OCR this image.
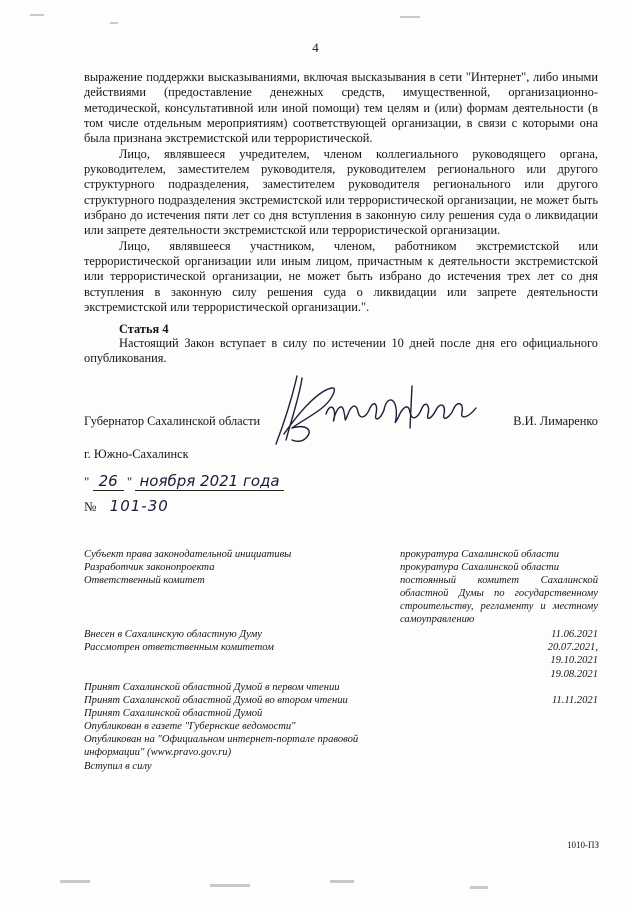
4

выражение поддержки высказываниями, включая высказывания в сети "Интернет", либо иными действиями (предоставление денежных средств, имущественной, организационно-методической, консультативной или иной помощи) тем целям и (или) формам деятельности (в том числе отдельным мероприятиям) соответствующей организации, в связи с которыми она была признана экстремистской или террористической.

Лицо, являвшееся учредителем, членом коллегиального руководящего органа, руководителем, заместителем руководителя, руководителем регионального или другого структурного подразделения, заместителем руководителя регионального или другого структурного подразделения экстремистской или террористической организации, не может быть избрано до истечения пяти лет со дня вступления в законную силу решения суда о ликвидации или запрете деятельности экстремистской или террористической организации.

Лицо, являвшееся участником, членом, работником экстремистской или террористической организации или иным лицом, причастным к деятельности экстремистской или террористической организации, не может быть избрано до истечения трех лет со дня вступления в законную силу решения суда о ликвидации или запрете деятельности экстремистской или террористической организации.".

Статья 4
Настоящий Закон вступает в силу по истечении 10 дней после дня его официального опубликования.
Губернатор Сахалинской области	В.И. Лимаренко
г. Южно-Сахалинск
" 26 " ноября 2021 года
№ 101-30
Субъект права законодательной инициативы
Разработчик законопроекта
Ответственный комитет
прокуратура Сахалинской области
прокуратура Сахалинской области
постоянный комитет Сахалинской областной Думы по государственному строительству, регламенту и местному самоуправлению
Внесен в Сахалинскую областную Думу
Рассмотрен ответственным комитетом
11.06.2021
20.07.2021,
19.10.2021
Принят Сахалинской областной Думой в первом чтении
Принят Сахалинской областной Думой во втором чтении
Принят Сахалинской областной Думой
Опубликован в газете "Губернские ведомости"
Опубликован на "Официальном интернет-портале правовой информации" (www.pravo.gov.ru)
Вступил в силу
19.08.2021
11.11.2021
1010-ПЗ
